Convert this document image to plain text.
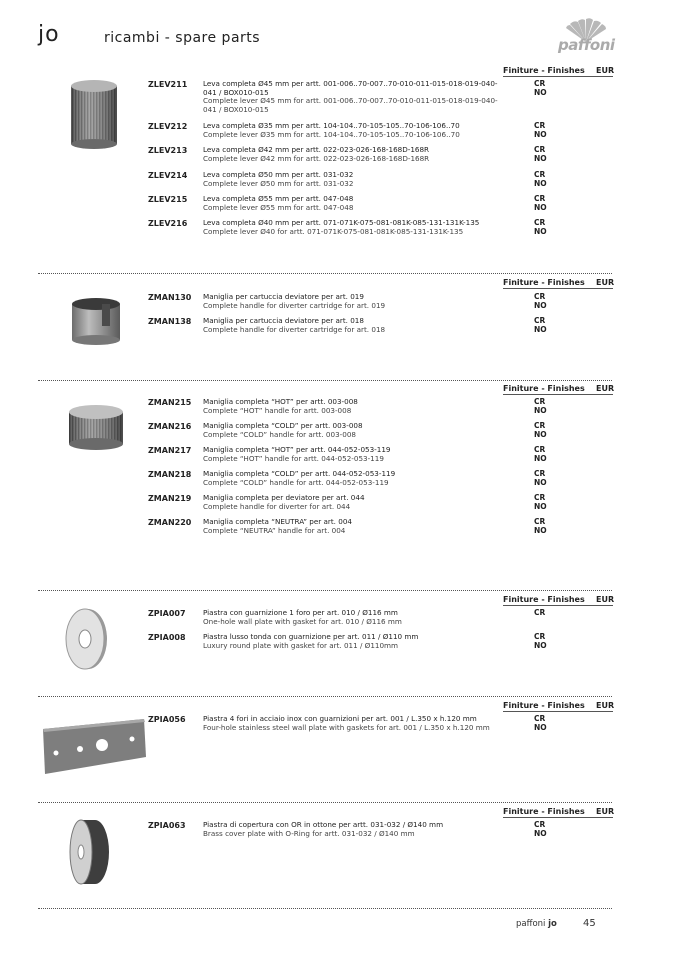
jo	ricambi - spare parts	paffoni
Finiture - Finishes EUR
ZLEV211 Leva completa Ø45 mm per artt. 001-006..70-007..70-010-011-015-018-019-040-041 / BOX010-015
Complete lever Ø45 mm for artt. 001-006..70-007..70-010-011-015-018-019-040-041 / BOX010-015
CR
NO
ZLEV212 Leva completa Ø35 mm per artt. 104-104..70-105-105..70-106-106..70
Complete lever Ø35 mm for artt. 104-104..70-105-105..70-106-106..70
CR
NO
ZLEV213 Leva completa Ø42 mm per artt. 022-023-026-168-168D-168R
Complete lever Ø42 mm for artt. 022-023-026-168-168D-168R
CR
NO
ZLEV214 Leva completa Ø50 mm per artt. 031-032
Complete lever Ø50 mm for artt. 031-032
CR
NO
ZLEV215 Leva completa Ø55 mm per artt. 047-048
Complete lever Ø55 mm for artt. 047-048
CR
NO
ZLEV216 Leva completa Ø40 mm per artt. 071-071K-075-081-081K-085-131-131K-135
Complete lever Ø40 for artt. 071-071K-075-081-081K-085-131-131K-135
CR
NO
Finiture - Finishes EUR
ZMAN130 Maniglia per cartuccia deviatore per art. 019
Complete handle for diverter cartridge for art. 019
CR
NO
ZMAN138 Maniglia per cartuccia deviatore per art. 018
Complete handle for diverter cartridge for art. 018
CR
NO
Finiture - Finishes EUR
ZMAN215 Maniglia completa “HOT” per artt. 003-008
Complete “HOT” handle for artt. 003-008
CR
NO
ZMAN216 Maniglia completa “COLD” per artt. 003-008
Complete “COLD” handle for artt. 003-008
CR
NO
ZMAN217 Maniglia completa “HOT” per artt. 044-052-053-119
Complete “HOT” handle for artt. 044-052-053-119
CR
NO
ZMAN218 Maniglia completa “COLD” per artt. 044-052-053-119
Complete “COLD” handle for artt. 044-052-053-119
CR
NO
ZMAN219 Maniglia completa per deviatore per art. 044
Complete handle for diverter for art. 044
CR
NO
ZMAN220 Maniglia completa “NEUTRA” per art. 004
Complete “NEUTRA” handle for art. 004
CR
NO
Finiture - Finishes EUR
ZPIA007 Piastra con guarnizione 1 foro per art. 010 / Ø116 mm
One-hole wall plate with gasket for art. 010 / Ø116 mm
CR
ZPIA008 Piastra lusso tonda con guarnizione per art. 011 / Ø110 mm
Luxury round plate with gasket for art. 011 / Ø110mm
CR
NO
Finiture - Finishes EUR
ZPIA056 Piastra 4 fori in acciaio inox con guarnizioni per art. 001 / L.350 x h.120 mm
Four-hole stainless steel wall plate with gaskets for art. 001 / L.350 x h.120 mm
CR
NO
Finiture - Finishes EUR
ZPIA063 Piastra di copertura con OR in ottone per artt. 031-032 / Ø140 mm
Brass cover plate with O-Ring for artt. 031-032 / Ø140 mm
CR
NO
paffoni jo	45
